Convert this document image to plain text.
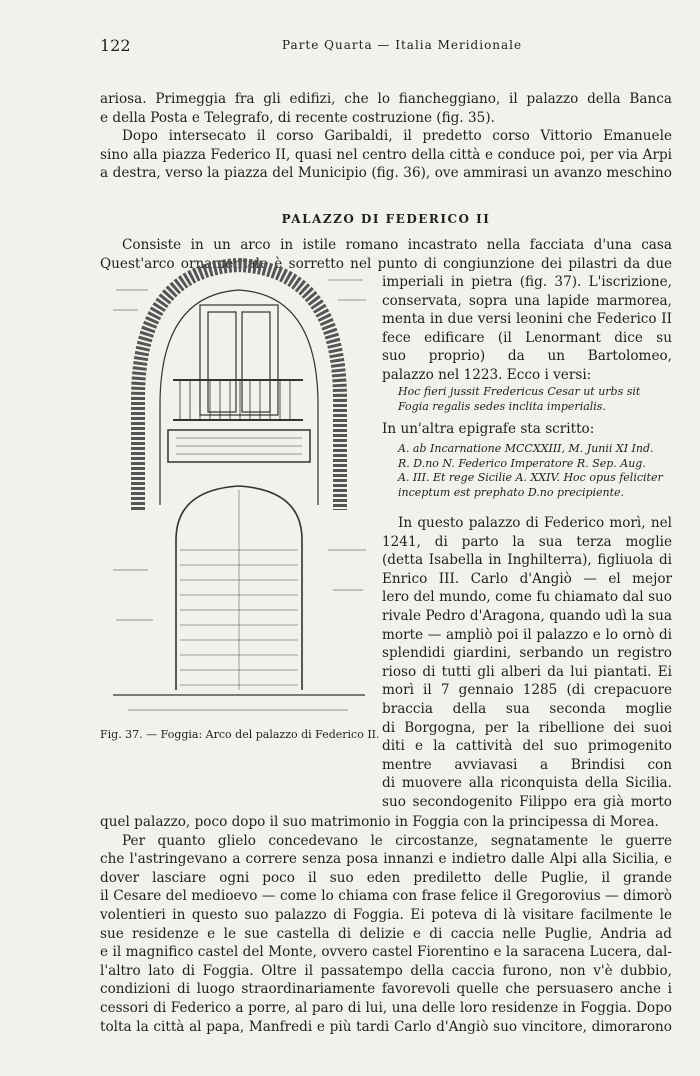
122	Parte Quarta — Italia Meridionale
ariosa. Primeggia fra gli edifizi, che lo fiancheggiano, il palazzo della Banca
e della Posta e Telegrafo, di recente costruzione (fig. 35).
Dopo intersecato il corso Garibaldi, il predetto corso Vittorio Emanuele
sino alla piazza Federico II, quasi nel centro della città e conduce poi, per via Arpi
a destra, verso la piazza del Municipio (fig. 36), ove ammirasi un avanzo meschino
PALAZZO DI FEDERICO II
Consiste in un arco in istile romano incastrato nella facciata d'una casa
Quest'arco ornamentale è sorretto nel punto di congiunzione dei pilastri da due
Fig. 37. — Foggia: Arco del palazzo di Federico II.
imperiali in pietra (fig. 37). L'iscrizione,
conservata, sopra una lapide marmorea,
menta in due versi leonini che Federico II
fece edificare (il Lenormant dice su
suo proprio) da un Bartolomeo,
palazzo nel 1223. Ecco i versi:
Hoc fieri jussit Fredericus Cesar ut urbs sit
Fogia regalis sedes inclita imperialis.
In un'altra epigrafe sta scritto:
A. ab Incarnatione MCCXXIII, M. Junii XI Ind.
R. D.no N. Federico Imperatore R. Sep. Aug.
A. III. Et rege Sicilie A. XXIV. Hoc opus feliciter
inceptum est prephato D.no precipiente.
In questo palazzo di Federico morì, nel
1241, di parto la sua terza moglie
(detta Isabella in Inghilterra), figliuola di
Enrico III. Carlo d'Angiò — el mejor
lero del mundo, come fu chiamato dal suo
rivale Pedro d'Aragona, quando udì la sua
morte — ampliò poi il palazzo e lo ornò di
splendidi giardini, serbando un registro
rioso di tutti gli alberi da lui piantati. Ei
morì il 7 gennaio 1285 (di crepacuore
braccia della sua seconda moglie
di Borgogna, per la ribellione dei suoi
diti e la cattività del suo primogenito
mentre avviavasi a Brindisi con
di muovere alla riconquista della Sicilia.
suo secondogenito Filippo era già morto
quel palazzo, poco dopo il suo matrimonio in Foggia con la principessa di Morea.
Per quanto glielo concedevano le circostanze, segnatamente le guerre
che l'astringevano a correre senza posa innanzi e indietro dalle Alpi alla Sicilia, e
dover lasciare ogni poco il suo eden prediletto delle Puglie, il grande
il Cesare del medioevo — come lo chiama con frase felice il Gregorovius — dimorò
volentieri in questo suo palazzo di Foggia. Ei poteva di là visitare facilmente le
sue residenze e le sue castella di delizie e di caccia nelle Puglie, Andria ad
e il magnifico castel del Monte, ovvero castel Fiorentino e la saracena Lucera, dal-
l'altro lato di Foggia. Oltre il passatempo della caccia furono, non v'è dubbio,
condizioni di luogo straordinariamente favorevoli quelle che persuasero anche i
cessori di Federico a porre, al paro di lui, una delle loro residenze in Foggia. Dopo
tolta la città al papa, Manfredi e più tardi Carlo d'Angiò suo vincitore, dimorarono
